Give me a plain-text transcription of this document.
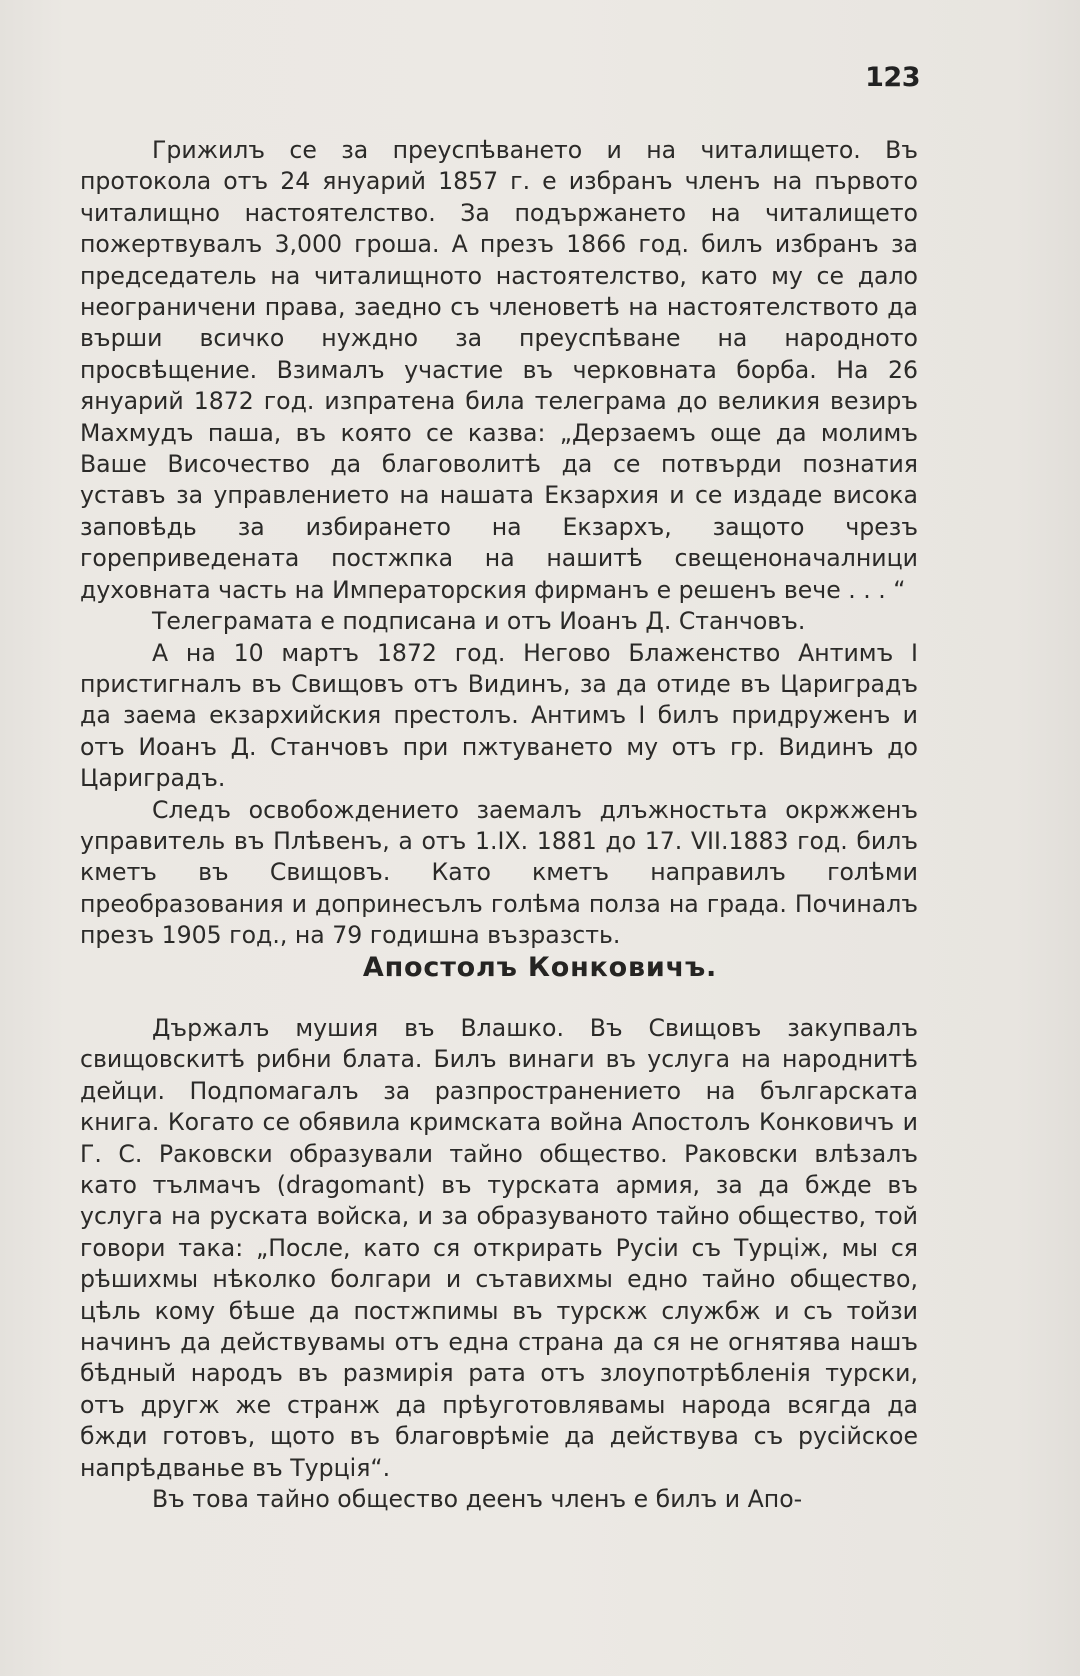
123

Грижилъ се за преуспѣването и на читалището. Въ протокола отъ 24 януарий 1857 г. е избранъ членъ на първото читалищно настоятелство. За подържането на читалището пожертвувалъ 3,000 гроша. А презъ 1866 год. билъ избранъ за председатель на читалищното настоятелство, като му се дало неограничени права, заедно съ членоветѣ на настоятелството да върши всичко нуждно за преуспѣване на народното просвѣщение. Взималъ участие въ черковната борба. На 26 януарий 1872 год. изпратена била телеграма до великия везиръ Махмудъ паша, въ която се казва: „Дерзаемъ още да молимъ Ваше Височество да благоволитѣ да се потвърди познатия уставъ за управлението на нашата Екзархия и се издаде висока заповѣдь за избирането на Екзархъ, защото чрезъ гореприведената постжпка на нашитѣ свещеноначалници духовната часть на Императорския фирманъ е решенъ вече . . . “

Телеграмата е подписана и отъ Иоанъ Д. Станчовъ.

А на 10 мартъ 1872 год. Негово Блаженство Антимъ I пристигналъ въ Свищовъ отъ Видинъ, за да отиде въ Цариградъ да заема екзархийския престолъ. Антимъ I билъ придруженъ и отъ Иоанъ Д. Станчовъ при пжтуването му отъ гр. Видинъ до Цариградъ.

Следъ освобождението заемалъ длъжностьта окржженъ управитель въ Плѣвенъ, а отъ 1.IX. 1881 до 17. VII.1883 год. билъ кметъ въ Свищовъ. Като кметъ направилъ голѣми преобразования и допринесълъ голѣма полза на града. Починалъ презъ 1905 год., на 79 годишна възразсть.

Апостолъ Конковичъ.

Държалъ мушия въ Влашко. Въ Свищовъ закупвалъ свищовскитѣ рибни блата. Билъ винаги въ услуга на народнитѣ дейци. Подпомагалъ за разпространението на българската книга. Когато се обявила кримската война Апостолъ Конковичъ и Г. С. Раковски образували тайно общество. Раковски влѣзалъ като тълмачъ (dragomant) въ турската армия, за да бжде въ услуга на руската войска, и за образуваното тайно общество, той говори така: „После, като ся открирать Русiи съ Турцiж, мы ся рѣшихмы нѣколко болгари и сътавихмы едно тайно общество, цѣль кому бѣше да постжпимы въ турскж службж и съ тойзи начинъ да действувамы отъ една страна да ся не огнятява нашъ бѣдный народъ въ размирiя рата отъ злоупотрѣбленiя турски, отъ другж же странж да прѣуготовлявамы народа всягда да бжди готовъ, щото въ благоврѣмiе да действува съ русiйское напрѣдванье въ Турцiя“.

Въ това тайно общество деенъ членъ е билъ и Апо-
